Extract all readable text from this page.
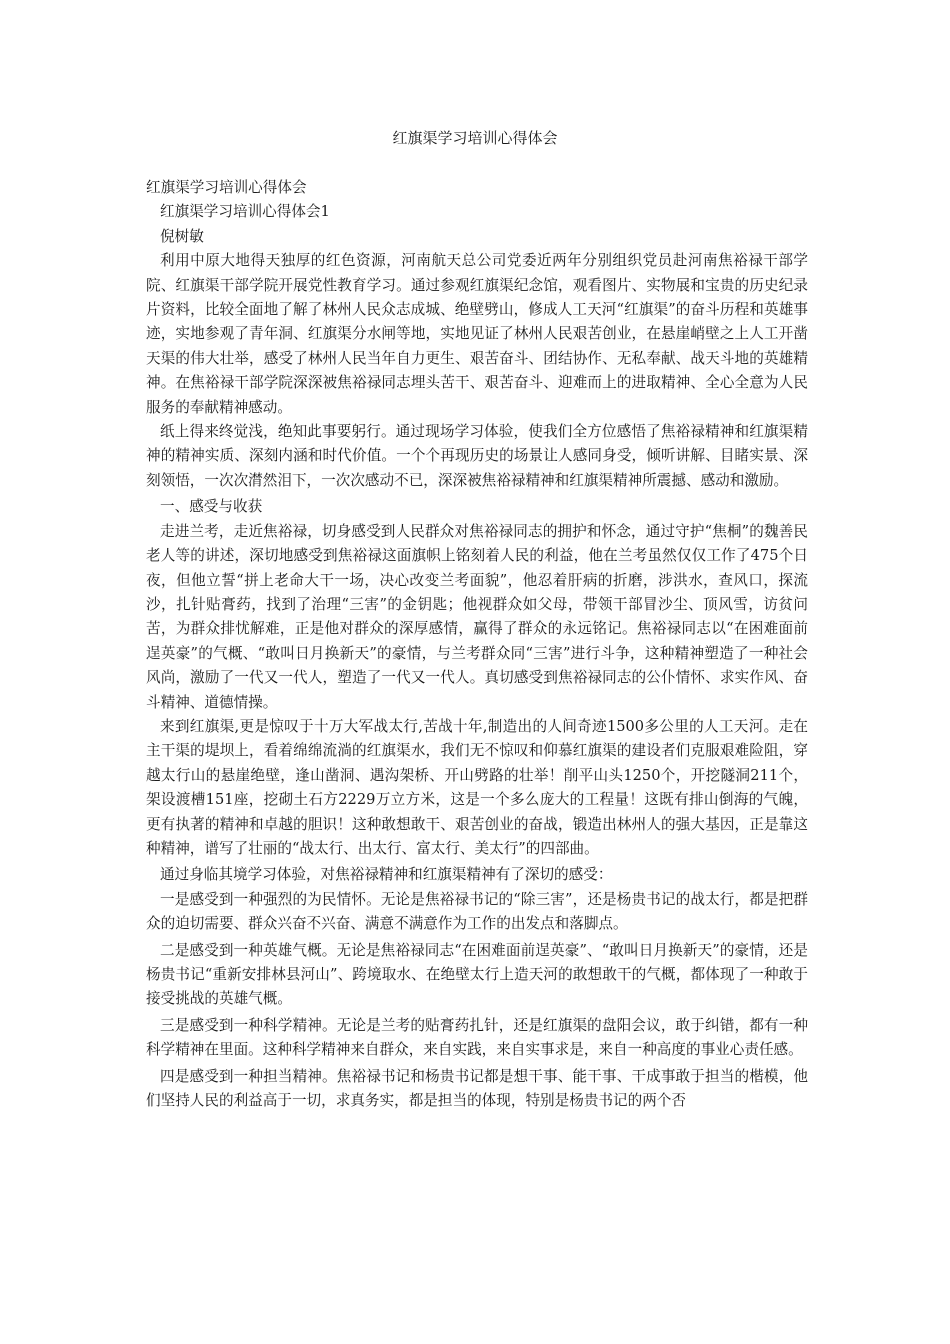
红旗渠学习培训心得体会

红旗渠学习培训心得体会

红旗渠学习培训心得体会1

倪树敏

利用中原大地得天独厚的红色资源，河南航天总公司党委近两年分别组织党员赴河南焦裕禄干部学院、红旗渠干部学院开展党性教育学习。通过参观红旗渠纪念馆，观看图片、实物展和宝贵的历史纪录片资料，比较全面地了解了林州人民众志成城、绝壁劈山，修成人工天河“红旗渠”的奋斗历程和英雄事迹，实地参观了青年洞、红旗渠分水闸等地，实地见证了林州人民艰苦创业，在悬崖峭壁之上人工开凿天渠的伟大壮举，感受了林州人民当年自力更生、艰苦奋斗、团结协作、无私奉献、战天斗地的英雄精神。在焦裕禄干部学院深深被焦裕禄同志埋头苦干、艰苦奋斗、迎难而上的进取精神、全心全意为人民服务的奉献精神感动。

纸上得来终觉浅，绝知此事要躬行。通过现场学习体验，使我们全方位感悟了焦裕禄精神和红旗渠精神的精神实质、深刻内涵和时代价值。一个个再现历史的场景让人感同身受，倾听讲解、目睹实景、深刻领悟，一次次潸然泪下，一次次感动不已，深深被焦裕禄精神和红旗渠精神所震撼、感动和激励。

一、感受与收获

走进兰考，走近焦裕禄，切身感受到人民群众对焦裕禄同志的拥护和怀念，通过守护“焦桐”的魏善民老人等的讲述，深切地感受到焦裕禄这面旗帜上铭刻着人民的利益，他在兰考虽然仅仅工作了475个日夜，但他立誓“拼上老命大干一场，决心改变兰考面貌”，他忍着肝病的折磨，涉洪水，查风口，探流沙，扎针贴膏药，找到了治理“三害”的金钥匙；他视群众如父母，带领干部冒沙尘、顶风雪，访贫问苦，为群众排忧解难，正是他对群众的深厚感情，赢得了群众的永远铭记。焦裕禄同志以“在困难面前逞英豪”的气概、“敢叫日月换新天”的豪情，与兰考群众同“三害”进行斗争，这种精神塑造了一种社会风尚，激励了一代又一代人，塑造了一代又一代人。真切感受到焦裕禄同志的公仆情怀、求实作风、奋斗精神、道德情操。

来到红旗渠,更是惊叹于十万大军战太行,苦战十年,制造出的人间奇迹1500多公里的人工天河。走在主干渠的堤坝上，看着绵绵流淌的红旗渠水，我们无不惊叹和仰慕红旗渠的建设者们克服艰难险阻，穿越太行山的悬崖绝壁，逢山凿洞、遇沟架桥、开山劈路的壮举！削平山头1250个，开挖隧洞211个，架设渡槽151座，挖砌土石方2229万立方米，这是一个多么庞大的工程量！这既有排山倒海的气魄，更有执著的精神和卓越的胆识！这种敢想敢干、艰苦创业的奋战，锻造出林州人的强大基因，正是靠这种精神，谱写了壮丽的“战太行、出太行、富太行、美太行”的四部曲。

通过身临其境学习体验，对焦裕禄精神和红旗渠精神有了深切的感受：

一是感受到一种强烈的为民情怀。无论是焦裕禄书记的“除三害”，还是杨贵书记的战太行，都是把群众的迫切需要、群众兴奋不兴奋、满意不满意作为工作的出发点和落脚点。

二是感受到一种英雄气概。无论是焦裕禄同志“在困难面前逞英豪”、“敢叫日月换新天”的豪情，还是杨贵书记“重新安排林县河山”、跨境取水、在绝壁太行上造天河的敢想敢干的气概，都体现了一种敢于接受挑战的英雄气概。

三是感受到一种科学精神。无论是兰考的贴膏药扎针，还是红旗渠的盘阳会议，敢于纠错，都有一种科学精神在里面。这种科学精神来自群众，来自实践，来自实事求是，来自一种高度的事业心责任感。

四是感受到一种担当精神。焦裕禄书记和杨贵书记都是想干事、能干事、干成事敢于担当的楷模，他们坚持人民的利益高于一切，求真务实，都是担当的体现，特别是杨贵书记的两个否
